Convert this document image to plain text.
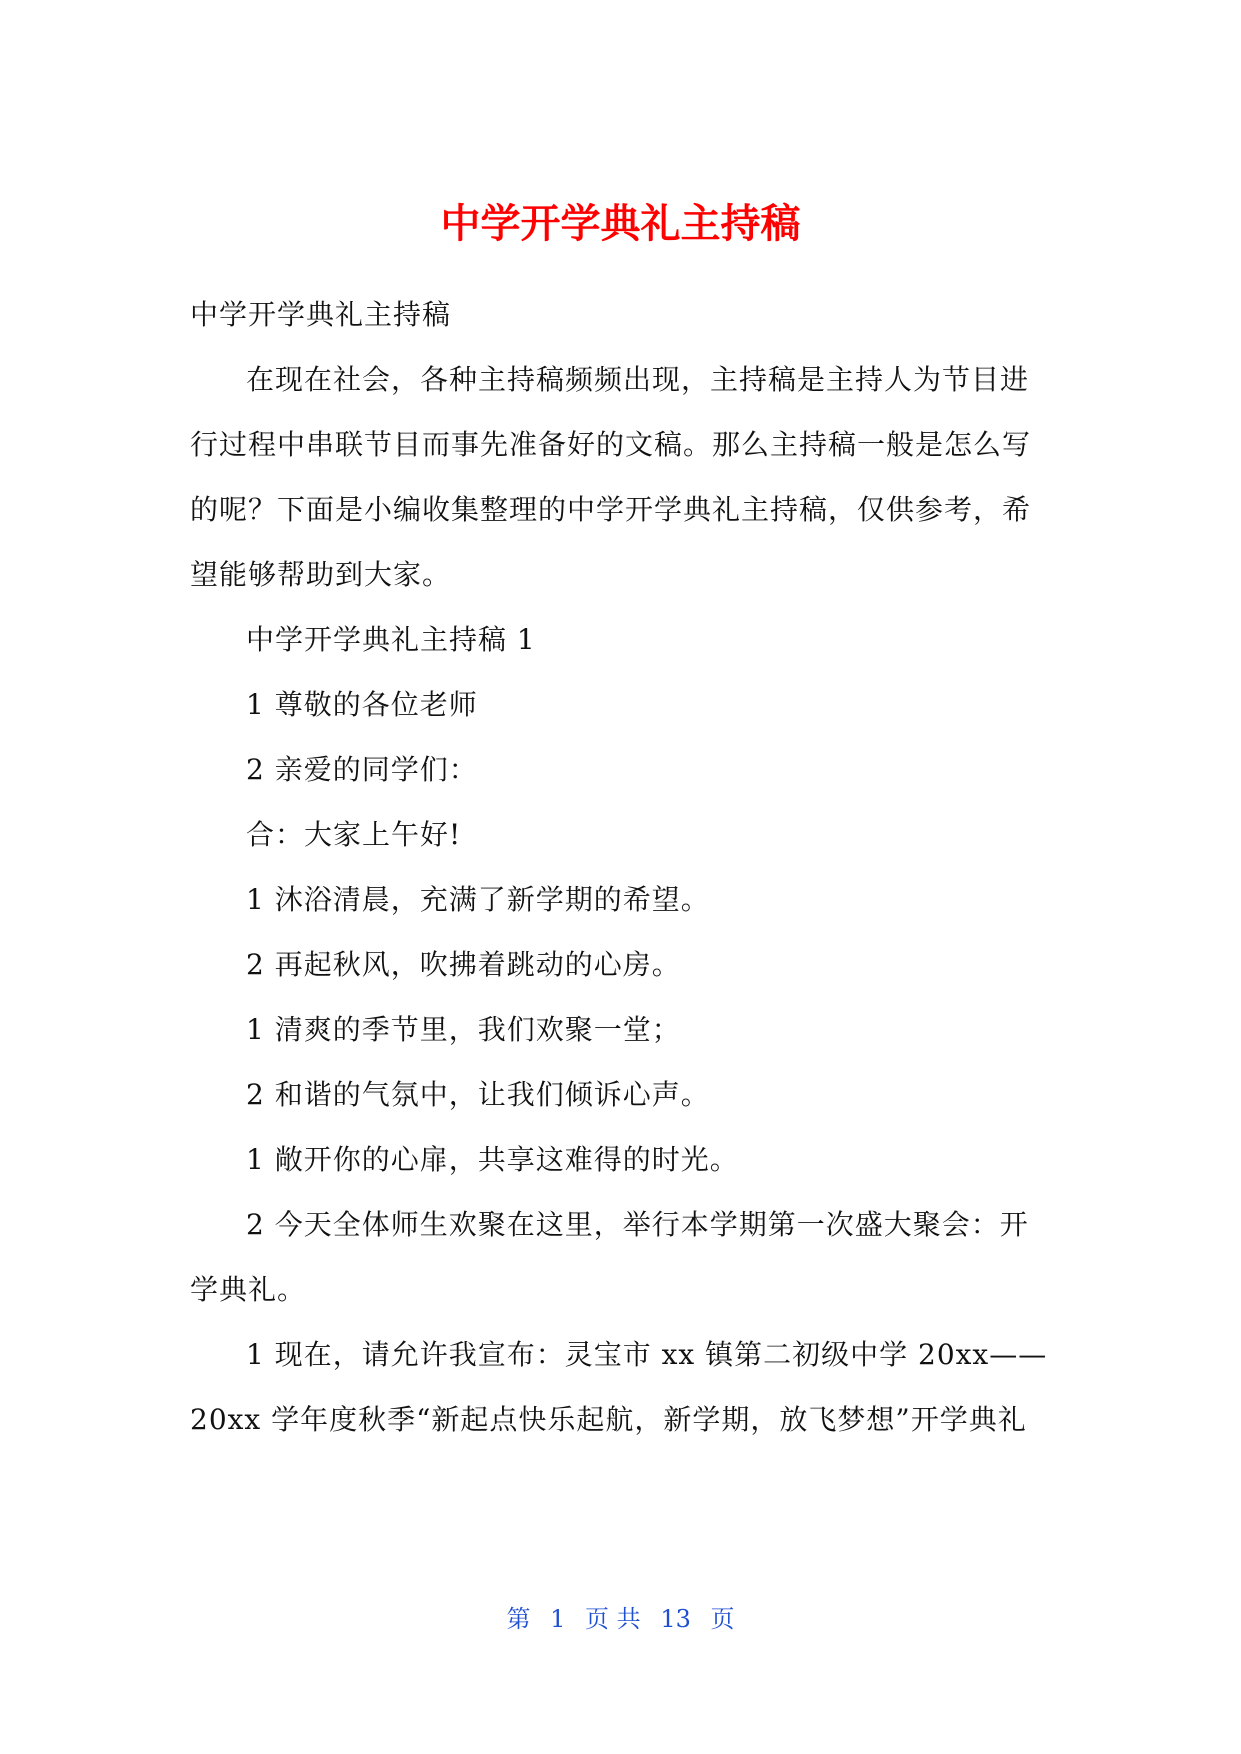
中学开学典礼主持稿

中学开学典礼主持稿

在现在社会，各种主持稿频频出现，主持稿是主持人为节目进行过程中串联节目而事先准备好的文稿。那么主持稿一般是怎么写的呢？下面是小编收集整理的中学开学典礼主持稿，仅供参考，希望能够帮助到大家。

中学开学典礼主持稿 1

1 尊敬的各位老师

2 亲爱的同学们：

合：大家上午好!

1 沐浴清晨，充满了新学期的希望。

2 再起秋风，吹拂着跳动的心房。

1 清爽的季节里，我们欢聚一堂；

2 和谐的气氛中，让我们倾诉心声。

1 敞开你的心扉，共享这难得的时光。

2 今天全体师生欢聚在这里，举行本学期第一次盛大聚会：开学典礼。

1 现在，请允许我宣布：灵宝市 xx 镇第二初级中学 20xx——20xx 学年度秋季“新起点快乐起航，新学期，放飞梦想”开学典礼

第 1 页 共 13 页
